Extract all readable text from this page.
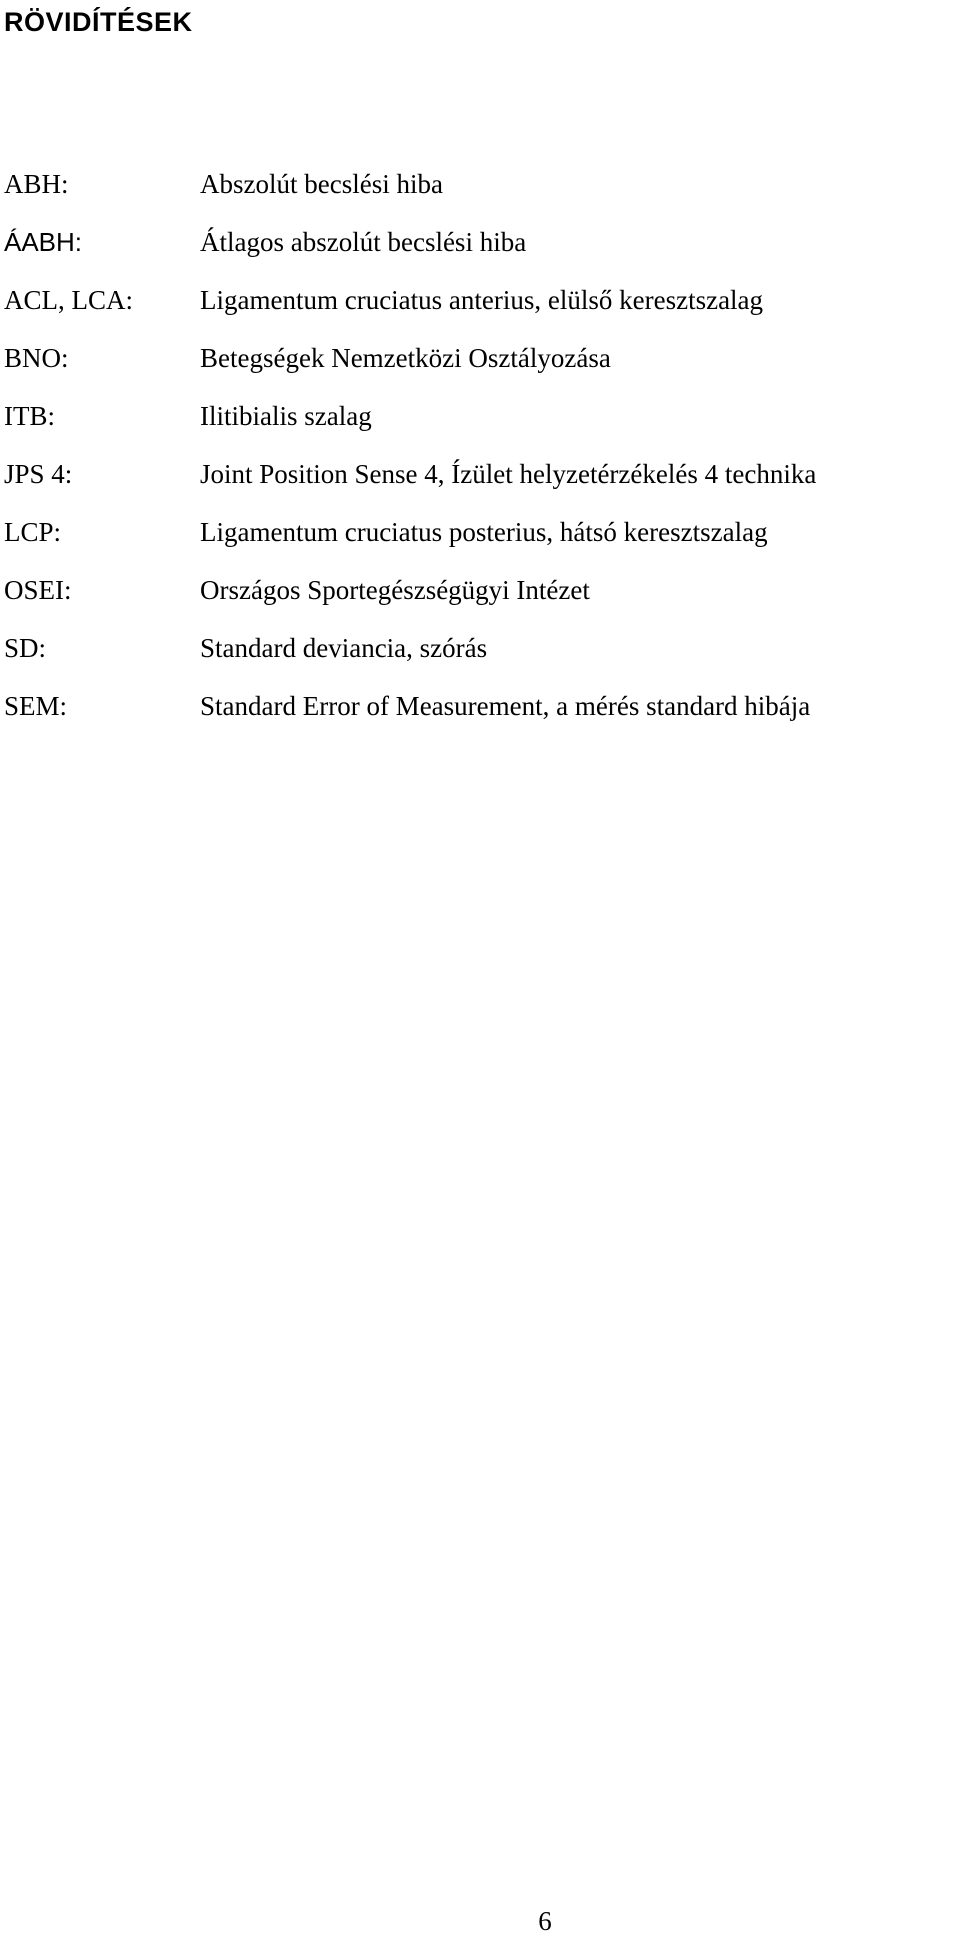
RÖVIDÍTÉSEK
ABH:	Abszolút becslési hiba
ÁABH:	Átlagos abszolút becslési hiba
ACL, LCA:	Ligamentum cruciatus anterius, elülső keresztszalag
BNO:	Betegségek Nemzetközi Osztályozása
ITB:	Ilitibialis szalag
JPS 4:	Joint Position Sense 4, Ízület helyzetérzékelés 4 technika
LCP:	Ligamentum cruciatus posterius, hátsó keresztszalag
OSEI:	Országos Sportegészségügyi Intézet
SD:	Standard deviancia, szórás
SEM:	Standard Error of Measurement, a mérés standard hibája
6
